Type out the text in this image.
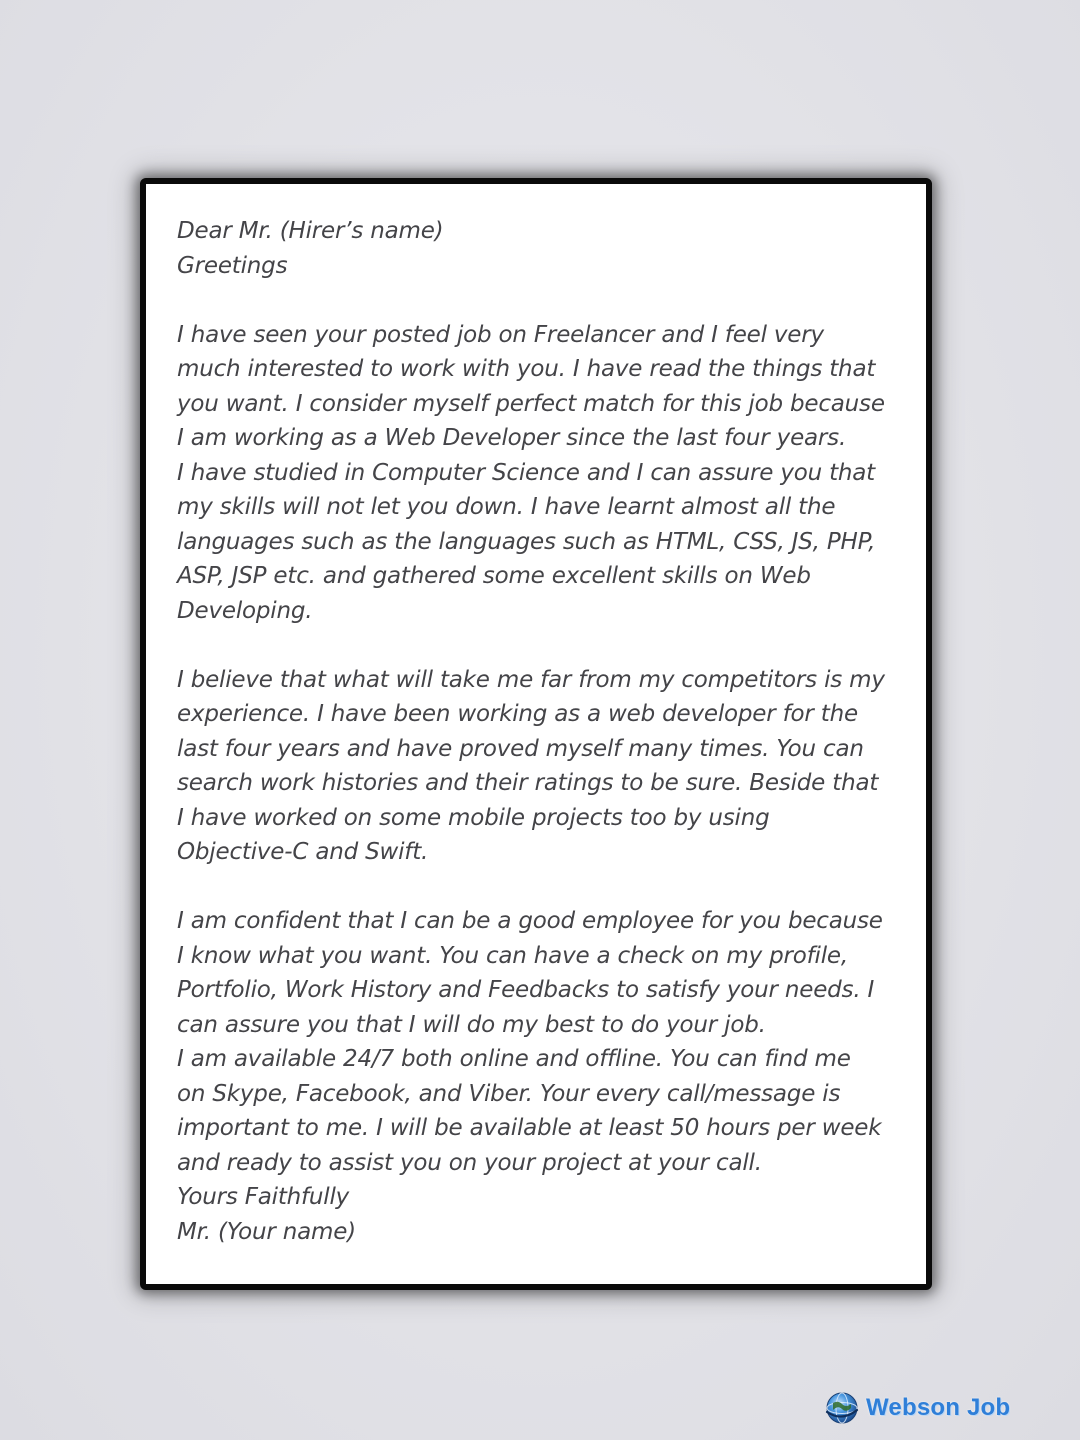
Dear Mr. (Hirer’s name)
Greetings
I have seen your posted job on Freelancer and I feel very
much interested to work with you. I have read the things that
you want. I consider myself perfect match for this job because
I am working as a Web Developer since the last four years.
I have studied in Computer Science and I can assure you that
my skills will not let you down. I have learnt almost all the
languages such as the languages such as HTML, CSS, JS, PHP,
ASP, JSP etc. and gathered some excellent skills on Web
Developing.
I believe that what will take me far from my competitors is my
experience. I have been working as a web developer for the
last four years and have proved myself many times. You can
search work histories and their ratings to be sure. Beside that
I have worked on some mobile projects too by using
Objective-C and Swift.
I am confident that I can be a good employee for you because
I know what you want. You can have a check on my profile,
Portfolio, Work History and Feedbacks to satisfy your needs. I
can assure you that I will do my best to do your job.
I am available 24/7 both online and offline. You can find me
on Skype, Facebook, and Viber. Your every call/message is
important to me. I will be available at least 50 hours per week
and ready to assist you on your project at your call.
Yours Faithfully
Mr. (Your name)
Webson Job
